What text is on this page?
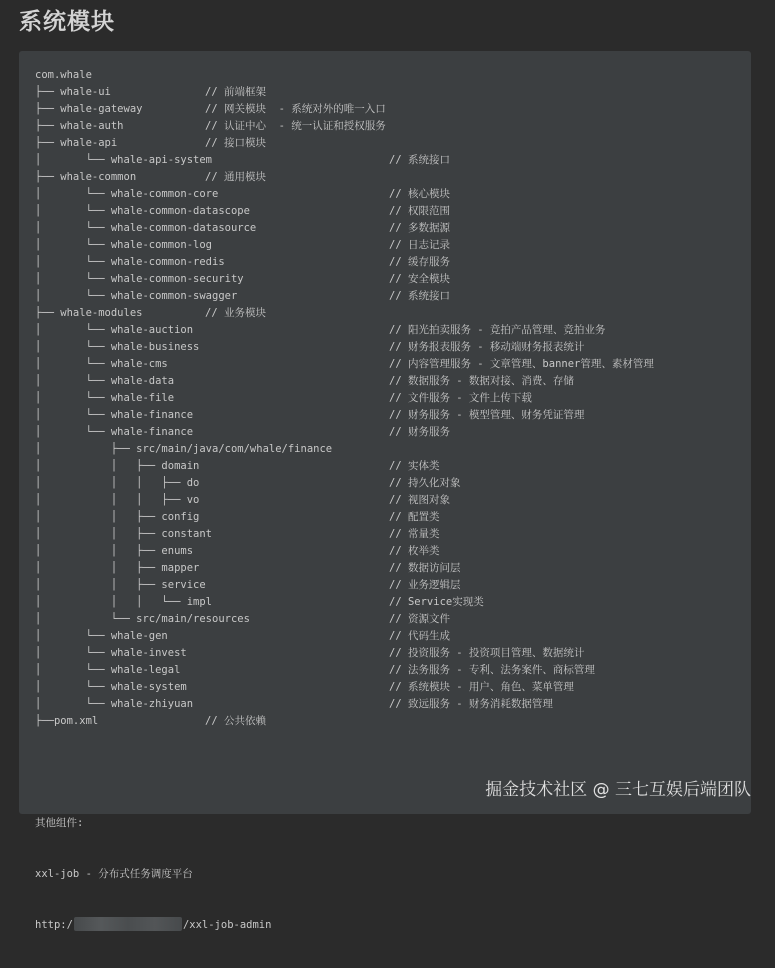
系统模块
com.whale
├── whale-ui	// 前端框架
├── whale-gateway	// 网关模块  - 系统对外的唯一入口
├── whale-auth	// 认证中心  - 统一认证和授权服务
├── whale-api	// 接口模块
│       └── whale-api-system	// 系统接口
├── whale-common	// 通用模块
│       └── whale-common-core	// 核心模块
│       └── whale-common-datascope	// 权限范围
│       └── whale-common-datasource	// 多数据源
│       └── whale-common-log	// 日志记录
│       └── whale-common-redis	// 缓存服务
│       └── whale-common-security	// 安全模块
│       └── whale-common-swagger	// 系统接口
├── whale-modules	// 业务模块
│       └── whale-auction	// 阳光拍卖服务 - 竞拍产品管理、竞拍业务
│       └── whale-business	// 财务报表服务 - 移动端财务报表统计
│       └── whale-cms	// 内容管理服务 - 文章管理、banner管理、素材管理
│       └── whale-data	// 数据服务 - 数据对接、消费、存储
│       └── whale-file	// 文件服务 - 文件上传下载
│       └── whale-finance	// 财务服务 - 模型管理、财务凭证管理
│       └── whale-finance	// 财务服务
│           ├── src/main/java/com/whale/finance
│           │   ├── domain	// 实体类
│           │   │   ├── do	// 持久化对象
│           │   │   ├── vo	// 视图对象
│           │   ├── config	// 配置类
│           │   ├── constant	// 常量类
│           │   ├── enums	// 枚举类
│           │   ├── mapper	// 数据访问层
│           │   ├── service	// 业务逻辑层
│           │   │   └── impl	// Service实现类
│           └── src/main/resources	// 资源文件
│       └── whale-gen	// 代码生成
│       └── whale-invest	// 投资服务 - 投资项目管理、数据统计
│       └── whale-legal	// 法务服务 - 专利、法务案件、商标管理
│       └── whale-system	// 系统模块 - 用户、角色、菜单管理
│       └── whale-zhiyuan	// 致远服务 - 财务消耗数据管理
├──pom.xml	// 公共依赖

其他组件:

xxl-job - 分布式任务调度平台

http:/	/xxl-job-admin

掘金技术社区 @ 三七互娱后端团队
